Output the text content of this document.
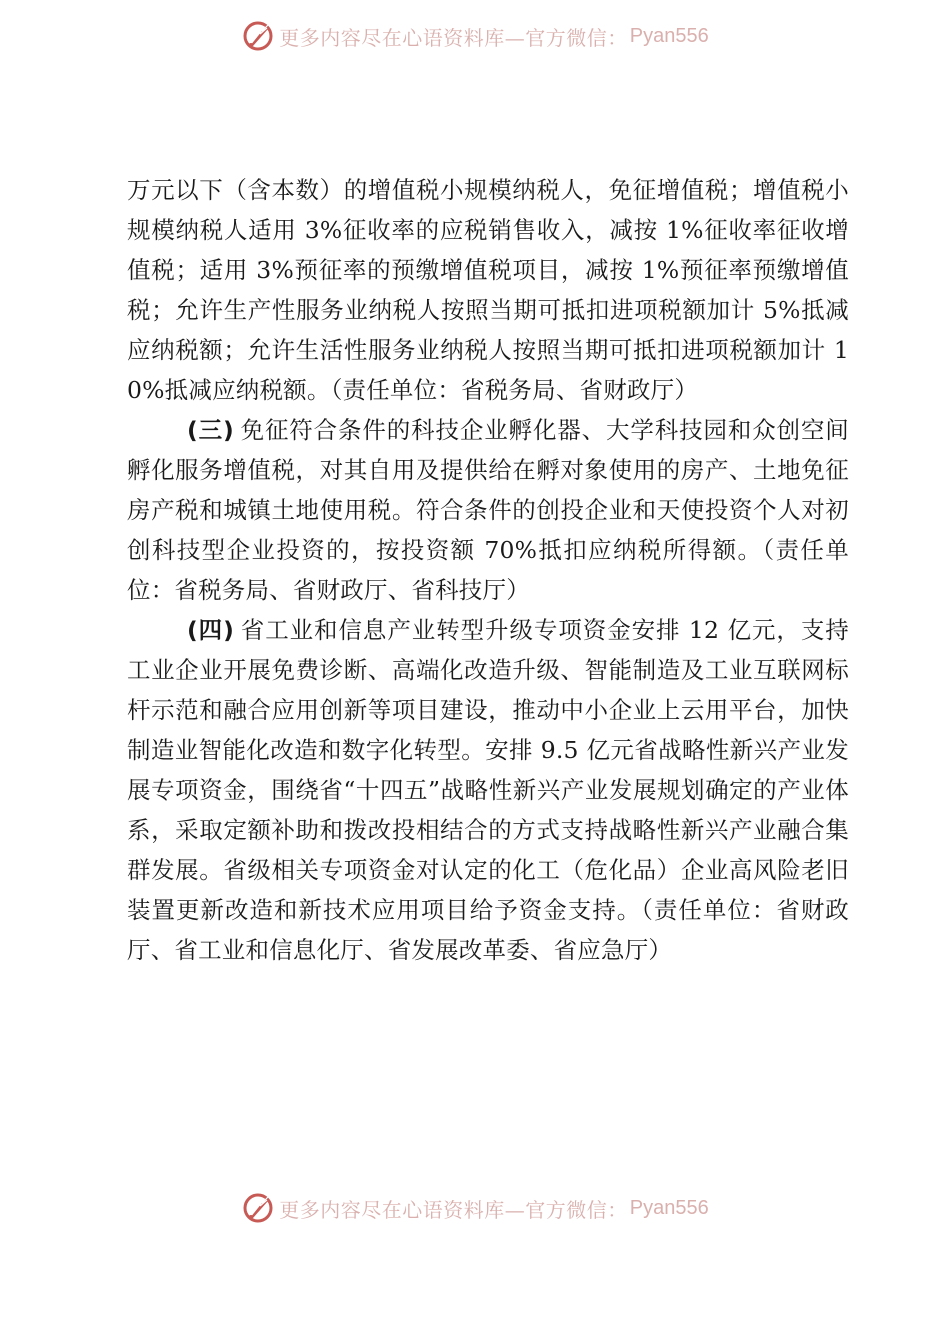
更多内容尽在心语资料库—官方微信： Pyan556

万元以下（含本数）的增值税小规模纳税人，免征增值税；增值税小规模纳税人适用 3%征收率的应税销售收入，减按 1%征收率征收增值税；适用 3%预征率的预缴增值税项目，减按 1%预征率预缴增值税；允许生产性服务业纳税人按照当期可抵扣进项税额加计 5%抵减应纳税额；允许生活性服务业纳税人按照当期可抵扣进项税额加计 10%抵减应纳税额。（责任单位：省税务局、省财政厅）

(三) 免征符合条件的科技企业孵化器、大学科技园和众创空间孵化服务增值税，对其自用及提供给在孵对象使用的房产、土地免征房产税和城镇土地使用税。符合条件的创投企业和天使投资个人对初创科技型企业投资的，按投资额 70%抵扣应纳税所得额。（责任单位：省税务局、省财政厅、省科技厅）

(四) 省工业和信息产业转型升级专项资金安排 12 亿元，支持工业企业开展免费诊断、高端化改造升级、智能制造及工业互联网标杆示范和融合应用创新等项目建设，推动中小企业上云用平台，加快制造业智能化改造和数字化转型。安排 9.5 亿元省战略性新兴产业发展专项资金，围绕省“十四五”战略性新兴产业发展规划确定的产业体系，采取定额补助和拨改投相结合的方式支持战略性新兴产业融合集群发展。省级相关专项资金对认定的化工（危化品）企业高风险老旧装置更新改造和新技术应用项目给予资金支持。（责任单位：省财政厅、省工业和信息化厅、省发展改革委、省应急厅）

更多内容尽在心语资料库—官方微信： Pyan556
